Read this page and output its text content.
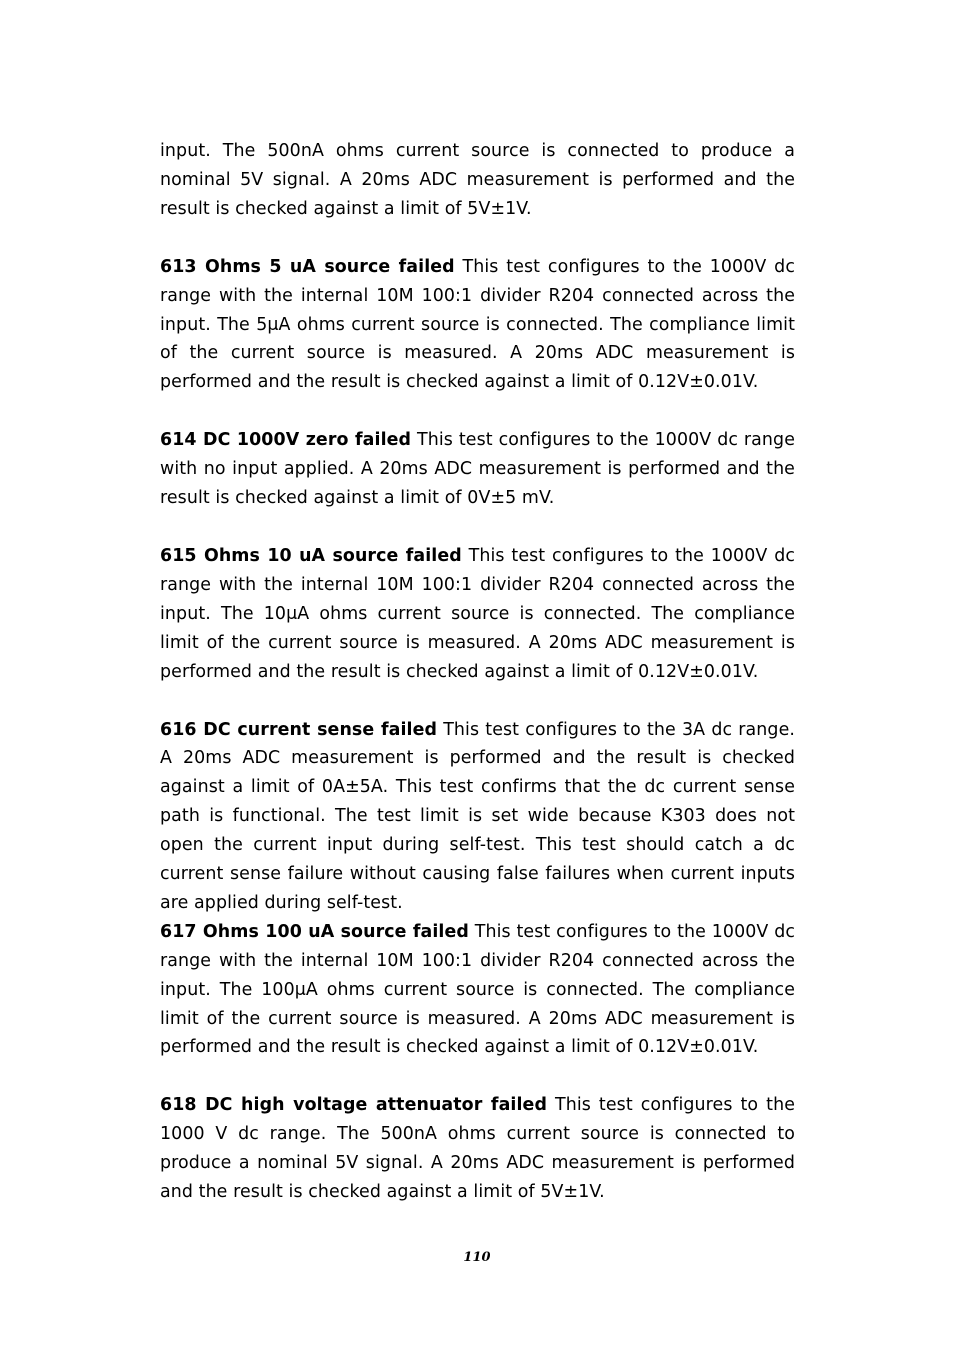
input. The 500nA ohms current source is connected to produce a nominal 5V signal. A 20ms ADC measurement is performed and the result is checked against a limit of 5V±1V.

613 Ohms 5 uA source failed This test configures to the 1000V dc range with the internal 10M 100:1 divider R204 connected across the input. The 5μA ohms current source is connected. The compliance limit of the current source is measured. A 20ms ADC measurement is performed and the result is checked against a limit of 0.12V±0.01V.

614 DC 1000V zero failed This test configures to the 1000V dc range with no input applied. A 20ms ADC measurement is performed and the result is checked against a limit of 0V±5 mV.

615 Ohms 10 uA source failed This test configures to the 1000V dc range with the internal 10M 100:1 divider R204 connected across the input. The 10μA ohms current source is connected. The compliance limit of the current source is measured. A 20ms ADC measurement is performed and the result is checked against a limit of 0.12V±0.01V.

616 DC current sense failed This test configures to the 3A dc range. A 20ms ADC measurement is performed and the result is checked against a limit of 0A±5A. This test confirms that the dc current sense path is functional. The test limit is set wide because K303 does not open the current input during self-test. This test should catch a dc current sense failure without causing false failures when current inputs are applied during self-test.

617 Ohms 100 uA source failed This test configures to the 1000V dc range with the internal 10M 100:1 divider R204 connected across the input. The 100μA ohms current source is connected. The compliance limit of the current source is measured. A 20ms ADC measurement is performed and the result is checked against a limit of 0.12V±0.01V.

618 DC high voltage attenuator failed This test configures to the 1000 V dc range. The 500nA ohms current source is connected to produce a nominal 5V signal. A 20ms ADC measurement is performed and the result is checked against a limit of 5V±1V.

110
